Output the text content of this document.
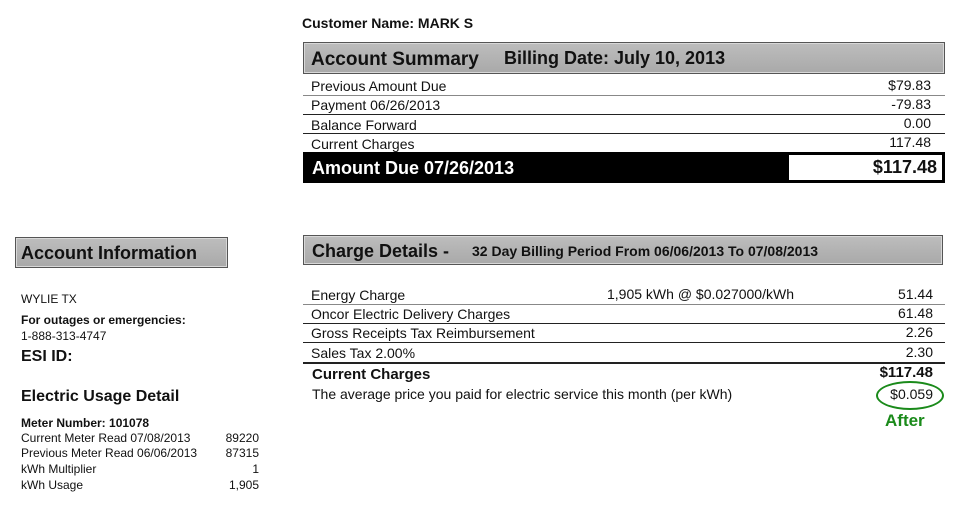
Customer Name: MARK S
Account Summary Billing Date: July 10, 2013
Previous Amount Due	$79.83
Payment 06/26/2013	-79.83
Balance Forward	0.00
Current Charges	117.48
Amount Due 07/26/2013	$117.48
Account Information
WYLIE TX
For outages or emergencies:
1-888-313-4747
ESI ID:
Electric Usage Detail
Meter Number: 101078
Current Meter Read 07/08/2013	89220
Previous Meter Read 06/06/2013 87315
kWh Multiplier	1
kWh Usage	1,905
Charge Details - 32 Day Billing Period From 06/06/2013 To 07/08/2013
Energy Charge	1,905 kWh @ $0.027000/kWh	51.44
Oncor Electric Delivery Charges	61.48
Gross Receipts Tax Reimbursement	2.26
Sales Tax 2.00%	2.30
Current Charges	$117.48
The average price you paid for electric service this month (per kWh)	$0.059
After
